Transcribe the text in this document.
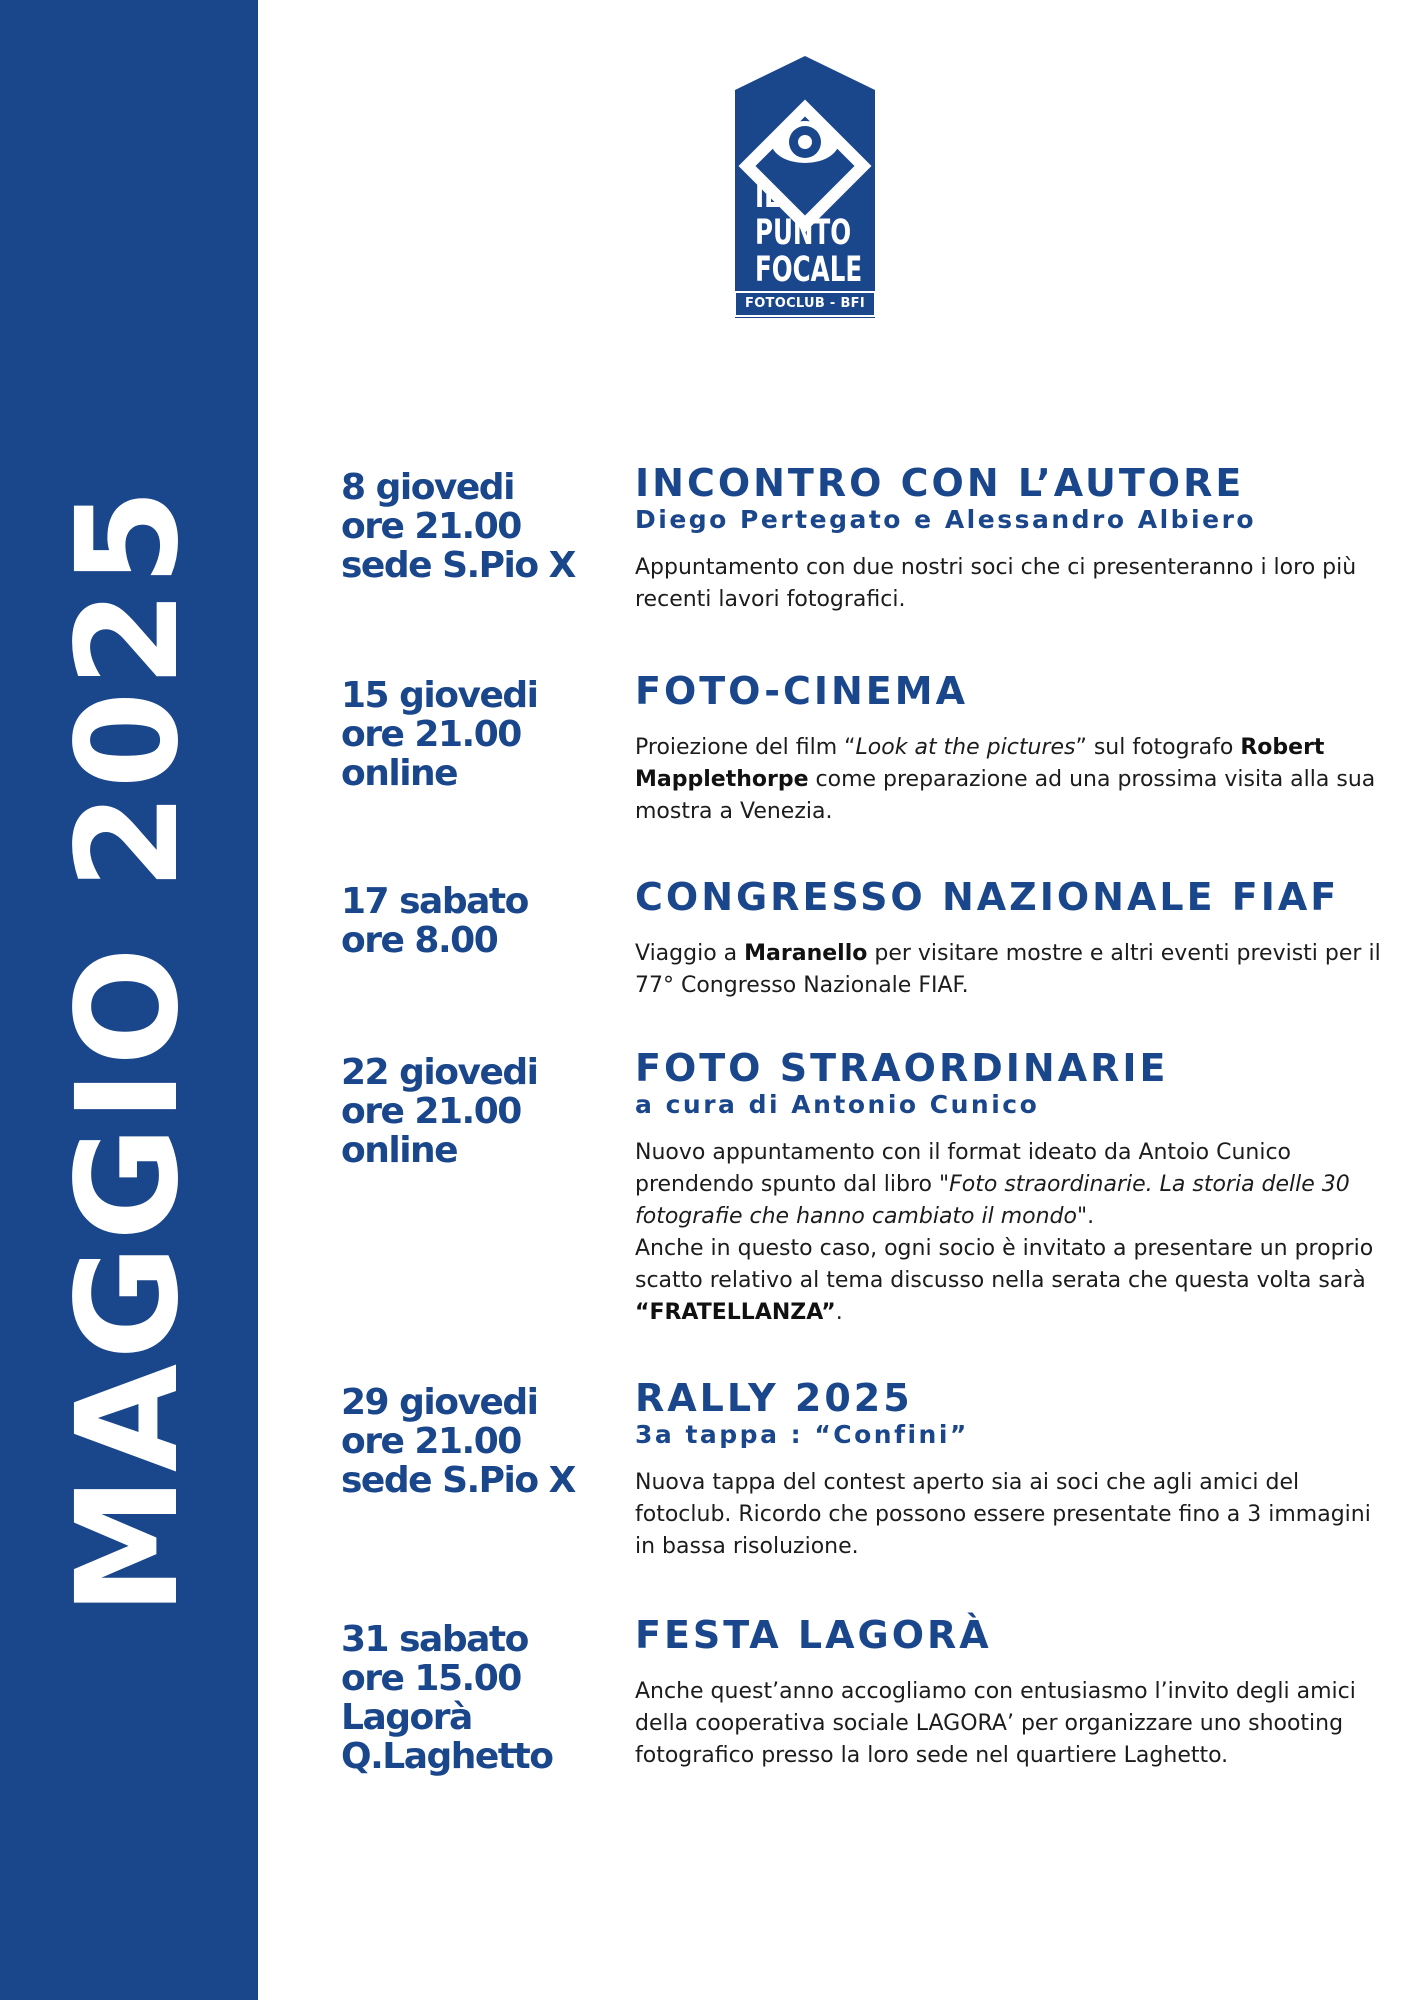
MAGGIO 2025
IL
PUNTO
FOCALE
FOTOCLUB - BFI
8 giovedi
ore 21.00
sede S.Pio X
INCONTRO CON L’AUTORE
Diego Pertegato e Alessandro Albiero
Appuntamento con due nostri soci che ci presenteranno i loro più recenti lavori fotografici.
15 giovedi
ore 21.00
online
FOTO-CINEMA
Proiezione del film “Look at the pictures” sul fotografo Robert Mapplethorpe come preparazione ad una prossima visita alla sua mostra a Venezia.
17 sabato
ore 8.00
CONGRESSO NAZIONALE FIAF
Viaggio a Maranello per visitare mostre e altri eventi previsti per il 77° Congresso Nazionale FIAF.
22 giovedi
ore 21.00
online
FOTO STRAORDINARIE
a cura di Antonio Cunico
Nuovo appuntamento con il format ideato da Antoio Cunico prendendo spunto dal libro "Foto straordinarie. La storia delle 30 fotografie che hanno cambiato il mondo".
Anche in questo caso, ogni socio è invitato a presentare un proprio scatto relativo al tema discusso nella serata che questa volta sarà “FRATELLANZA”.
29 giovedi
ore 21.00
sede S.Pio X
RALLY 2025
3a tappa : “Confini”
Nuova tappa del contest aperto sia ai soci che agli amici del fotoclub. Ricordo che possono essere presentate fino a 3 immagini in bassa risoluzione.
31 sabato
ore 15.00
Lagorà
Q.Laghetto
FESTA LAGORÀ
Anche quest’anno accogliamo con entusiasmo l’invito degli amici della cooperativa sociale LAGORA’ per organizzare uno shooting fotografico presso la loro sede nel quartiere Laghetto.
